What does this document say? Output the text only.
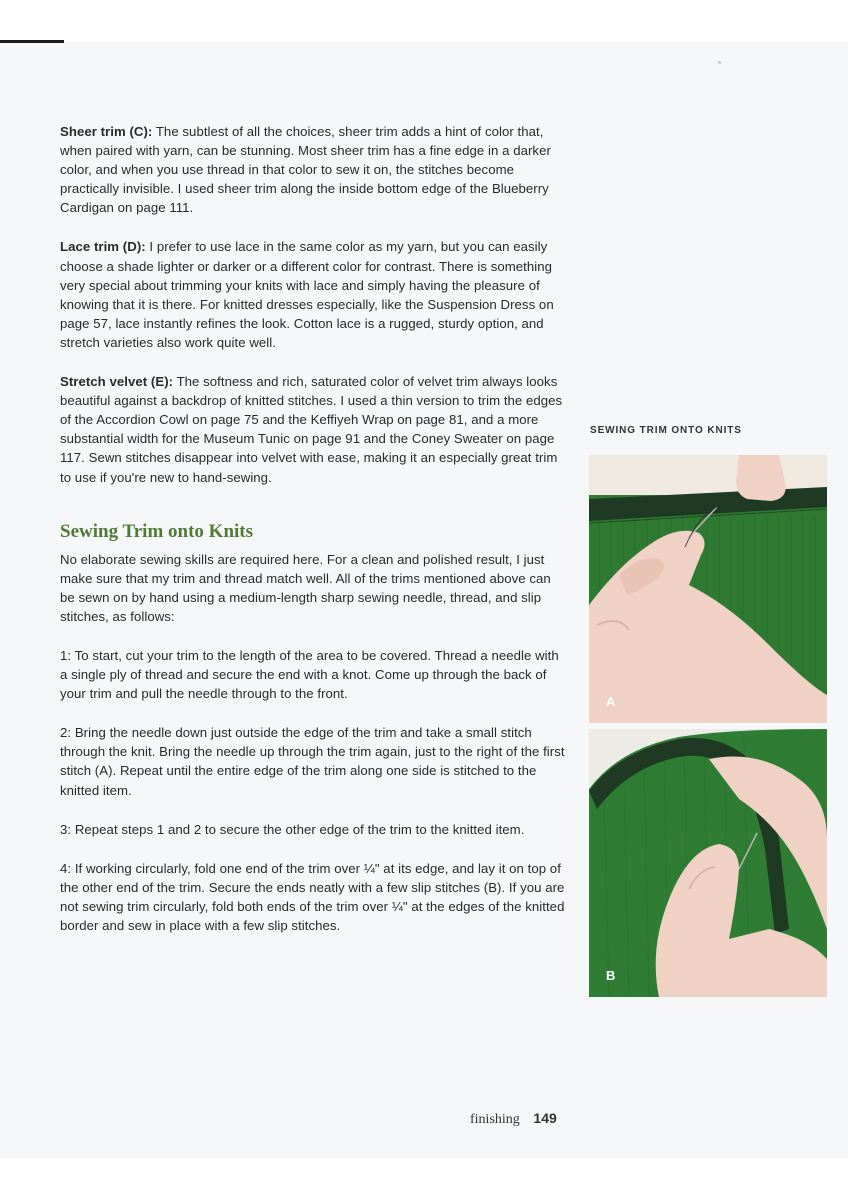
Sheer trim (C): The subtlest of all the choices, sheer trim adds a hint of color that, when paired with yarn, can be stunning. Most sheer trim has a fine edge in a darker color, and when you use thread in that color to sew it on, the stitches become practically invisible. I used sheer trim along the inside bottom edge of the Blueberry Cardigan on page 111.

Lace trim (D): I prefer to use lace in the same color as my yarn, but you can easily choose a shade lighter or darker or a different color for contrast. There is something very special about trimming your knits with lace and simply having the pleasure of knowing that it is there. For knitted dresses especially, like the Suspension Dress on page 57, lace instantly refines the look. Cotton lace is a rugged, sturdy option, and stretch varieties also work quite well.

Stretch velvet (E): The softness and rich, saturated color of velvet trim always looks beautiful against a backdrop of knitted stitches. I used a thin version to trim the edges of the Accordion Cowl on page 75 and the Keffiyeh Wrap on page 81, and a more substantial width for the Museum Tunic on page 91 and the Coney Sweater on page 117. Sewn stitches disappear into velvet with ease, making it an especially great trim to use if you're new to hand-sewing.

Sewing Trim onto Knits

No elaborate sewing skills are required here. For a clean and polished result, I just make sure that my trim and thread match well. All of the trims mentioned above can be sewn on by hand using a medium-length sharp sewing needle, thread, and slip stitches, as follows:

1: To start, cut your trim to the length of the area to be covered. Thread a needle with a single ply of thread and secure the end with a knot. Come up through the back of your trim and pull the needle through to the front.

2: Bring the needle down just outside the edge of the trim and take a small stitch through the knit. Bring the needle up through the trim again, just to the right of the first stitch (A). Repeat until the entire edge of the trim along one side is stitched to the knitted item.

3: Repeat steps 1 and 2 to secure the other edge of the trim to the knitted item.

4: If working circularly, fold one end of the trim over ¼" at its edge, and lay it on top of the other end of the trim. Secure the ends neatly with a few slip stitches (B). If you are not sewing trim circularly, fold both ends of the trim over ¼" at the edges of the knitted border and sew in place with a few slip stitches.

SEWING TRIM ONTO KNITS
A
B
finishing 149
